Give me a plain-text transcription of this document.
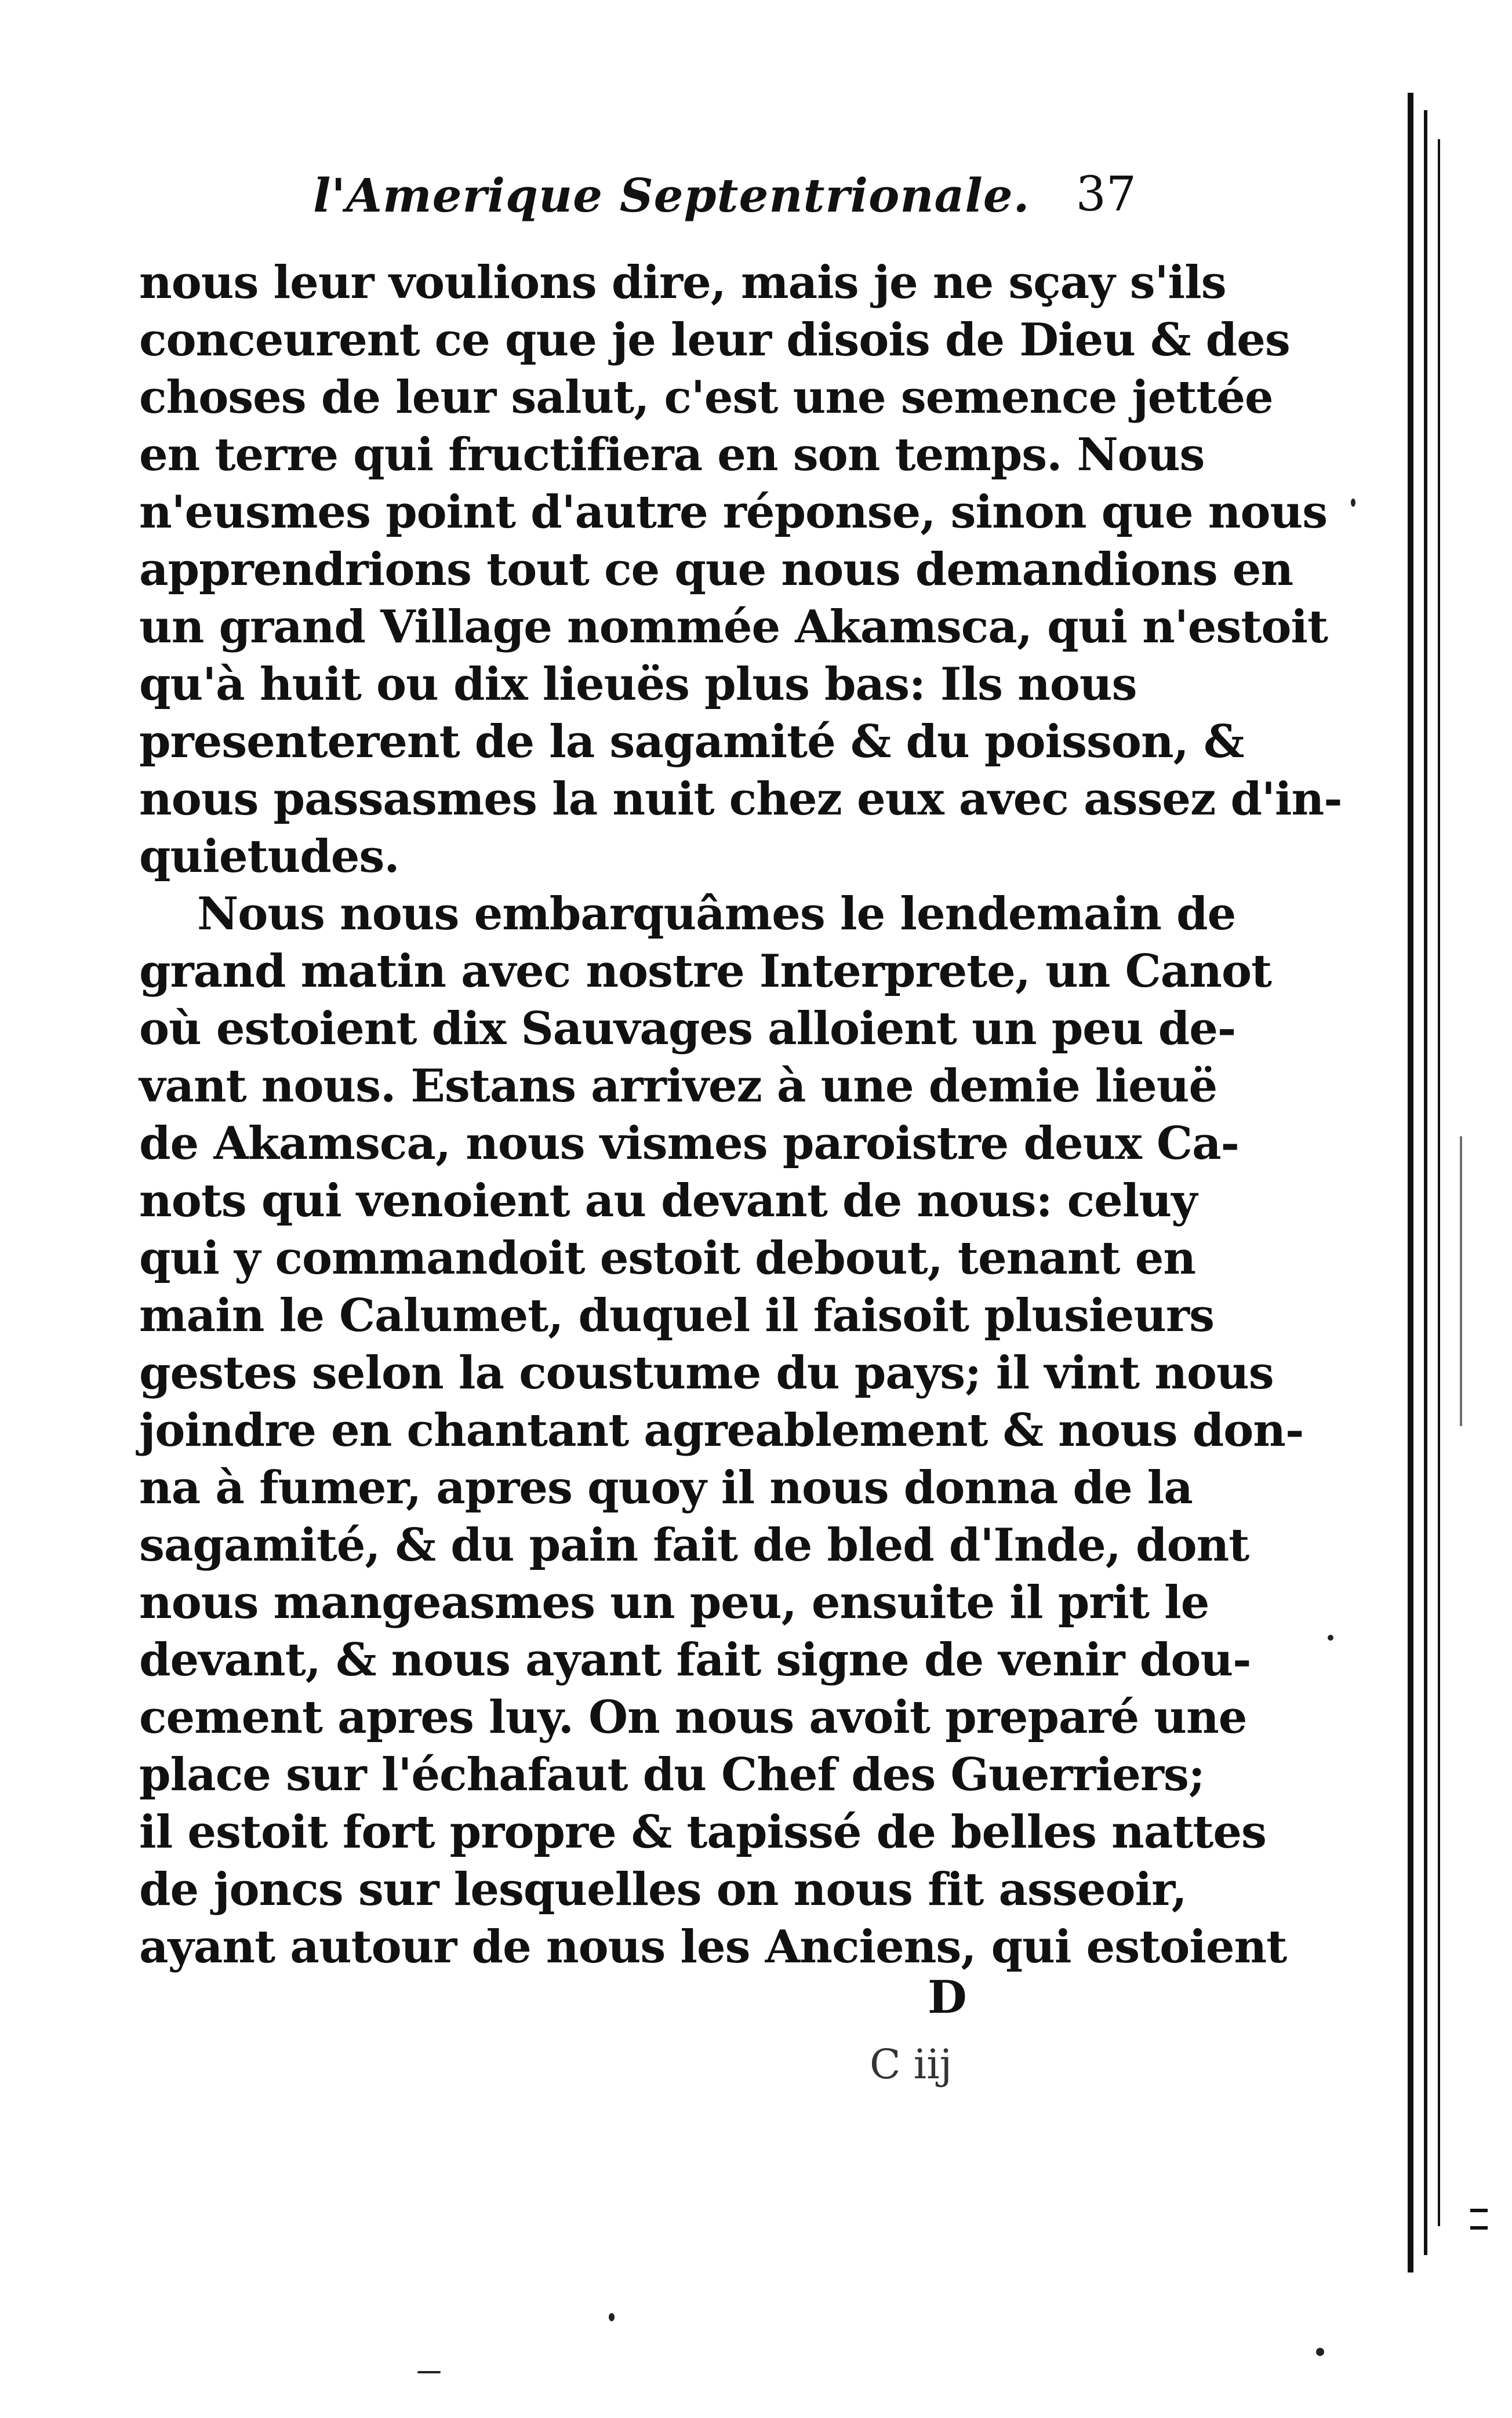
l'Amerique Septentrionale. 37
nous leur voulions dire, mais je ne sçay s'ils
conceurent ce que je leur disois de Dieu & des
choses de leur salut, c'est une semence jettée
en terre qui fructifiera en son temps. Nous
n'eusmes point d'autre réponse, sinon que nous
apprendrions tout ce que nous demandions en
un grand Village nommée Akamsca, qui n'estoit
qu'à huit ou dix lieuës plus bas: Ils nous
presenterent de la sagamité & du poisson, &
nous passasmes la nuit chez eux avec assez d'in-
quietudes.
Nous nous embarquâmes le lendemain de
grand matin avec nostre Interprete, un Canot
où estoient dix Sauvages alloient un peu de-
vant nous. Estans arrivez à une demie lieuë
de Akamsca, nous vismes paroistre deux Ca-
nots qui venoient au devant de nous: celuy
qui y commandoit estoit debout, tenant en
main le Calumet, duquel il faisoit plusieurs
gestes selon la coustume du pays; il vint nous
joindre en chantant agreablement & nous don-
na à fumer, apres quoy il nous donna de la
sagamité, & du pain fait de bled d'Inde, dont
nous mangeasmes un peu, ensuite il prit le
devant, & nous ayant fait signe de venir dou-
cement apres luy. On nous avoit preparé une
place sur l'échafaut du Chef des Guerriers;
il estoit fort propre & tapissé de belles nattes
de joncs sur lesquelles on nous fit asseoir,
ayant autour de nous les Anciens, qui estoient
D
C iij
